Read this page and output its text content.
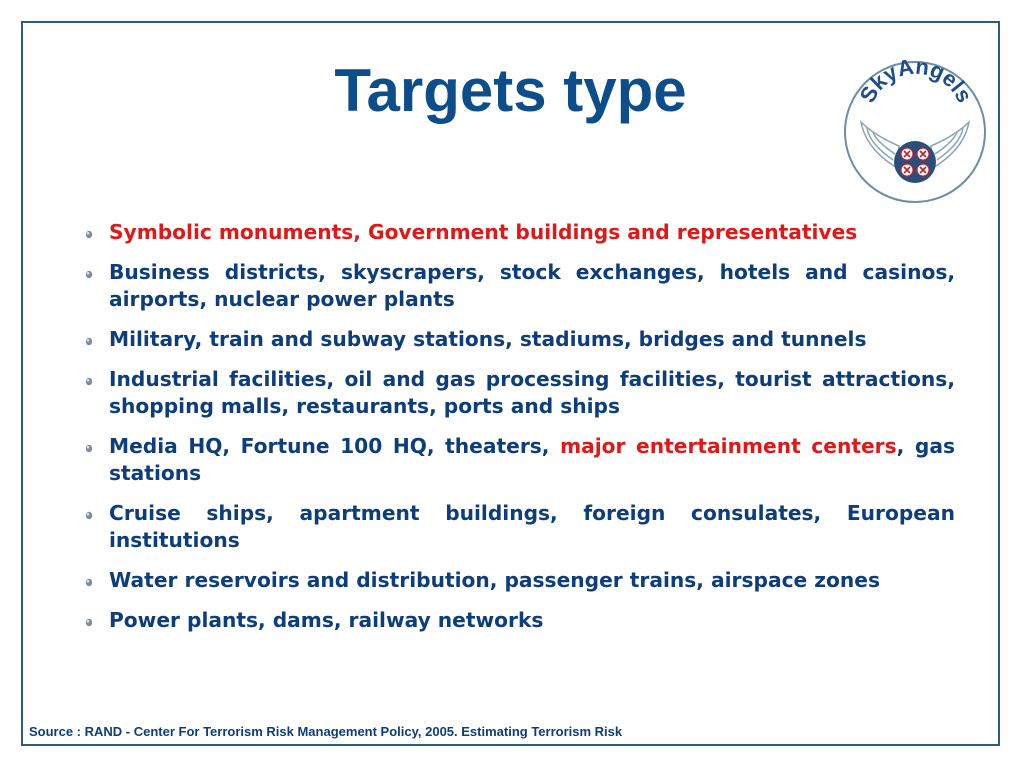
Targets type	SkyAngels
Symbolic monuments, Government buildings and representatives
Business districts, skyscrapers, stock exchanges, hotels and casinos, airports, nuclear power plants
Military, train and subway stations, stadiums, bridges and tunnels
Industrial facilities, oil and gas processing facilities, tourist attractions, shopping malls, restaurants, ports and ships
Media HQ, Fortune 100 HQ, theaters, major entertainment centers, gas stations
Cruise ships, apartment buildings, foreign consulates, European institutions
Water reservoirs and distribution, passenger trains, airspace zones
Power plants, dams, railway networks
Source : RAND - Center For Terrorism Risk Management Policy, 2005. Estimating Terrorism Risk
